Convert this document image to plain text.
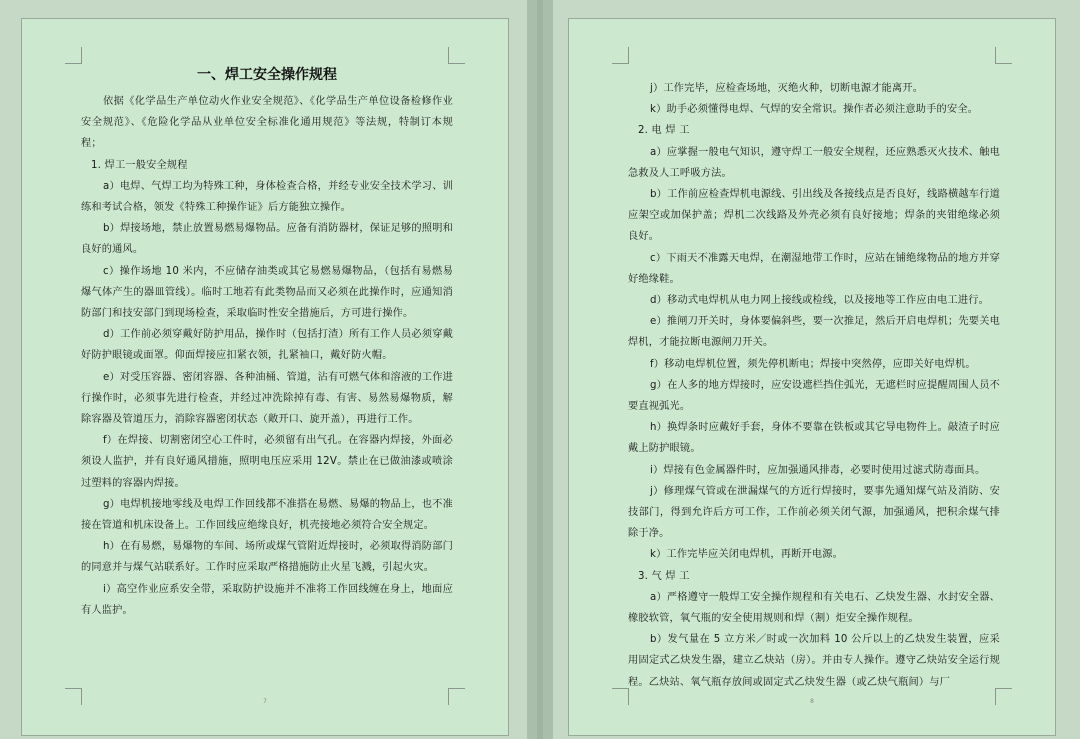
一、焊工安全操作规程

依据《化学品生产单位动火作业安全规范》、《化学品生产单位设备检修作业安全规范》、《危险化学品从业单位安全标准化通用规范》等法规，特制订本规程；

1. 焊工一般安全规程

a）电焊、气焊工均为特殊工种，身体检查合格，并经专业安全技术学习、训练和考试合格，领发《特殊工种操作证》后方能独立操作。

b）焊接场地，禁止放置易燃易爆物品。应备有消防器材，保证足够的照明和良好的通风。

c）操作场地 10 米内，不应储存油类或其它易燃易爆物品，（包括有易燃易爆气体产生的器皿管线）。临时工地若有此类物品而又必须在此操作时，应通知消防部门和技安部门到现场检查，采取临时性安全措施后，方可进行操作。

d）工作前必须穿戴好防护用品，操作时（包括打渣）所有工作人员必须穿戴好防护眼镜或面罩。仰面焊接应扣紧衣领，扎紧袖口，戴好防火帽。

e）对受压容器、密闭容器、各种油桶、管道，沾有可燃气体和溶液的工作进行操作时，必须事先进行检查，并经过冲洗除掉有毒、有害、易然易爆物质，解除容器及管道压力，消除容器密闭状态（敞开口、旋开盖），再进行工作。

f）在焊接、切割密闭空心工件时，必须留有出气孔。在容器内焊接，外面必须设人监护，并有良好通风措施，照明电压应采用 12V。禁止在已做油漆或喷涂过塑料的容器内焊接。

g）电焊机接地零线及电焊工作回线都不准搭在易燃、易爆的物品上，也不准接在管道和机床设备上。工作回线应绝缘良好，机壳接地必须符合安全规定。

h）在有易燃，易爆物的车间、场所或煤气管附近焊接时，必须取得消防部门的同意并与煤气站联系好。工作时应采取严格措施防止火星飞溅，引起火灾。

i）高空作业应系安全带，采取防护设施并不准将工作回线缠在身上，地面应有人监护。

7

j）工作完毕，应检查场地，灭绝火种，切断电源才能离开。

k）助手必须懂得电焊、气焊的安全常识。操作者必须注意助手的安全。

2. 电 焊 工

a）应掌握一般电气知识，遵守焊工一般安全规程，还应熟悉灭火技术、触电急救及人工呼吸方法。

b）工作前应检查焊机电源线、引出线及各接线点是否良好，线路横越车行道应架空或加保护盖；焊机二次线路及外壳必须有良好接地；焊条的夹钳绝缘必须良好。

c）下雨天不准露天电焊，在潮湿地带工作时，应站在铺绝缘物品的地方并穿好绝缘鞋。

d）移动式电焊机从电力网上接线或检线，以及接地等工作应由电工进行。

e）推闸刀开关时，身体要偏斜些，要一次推足，然后开启电焊机；先要关电焊机，才能拉断电源闸刀开关。

f）移动电焊机位置，须先停机断电；焊接中突然停，应即关好电焊机。

g）在人多的地方焊接时，应安设遮栏挡住弧光，无遮栏时应提醒周围人员不要直视弧光。

h）换焊条时应戴好手套，身体不要靠在铁板或其它导电物件上。敲渣子时应戴上防护眼镜。

i）焊接有色金属器件时，应加强通风排毒，必要时使用过滤式防毒面具。

j）修理煤气管或在泄漏煤气的方近行焊接时，要事先通知煤气站及消防、安技部门，得到允许后方可工作，工作前必须关闭气源，加强通风，把积余煤气排除于净。

k）工作完毕应关闭电焊机，再断开电源。

3. 气 焊 工

a）严格遵守一般焊工安全操作规程和有关电石、乙炔发生器、水封安全器、橡胶软管，氧气瓶的安全使用规则和焊（割）炬安全操作规程。

b）发气量在 5 立方米／时或一次加料 10 公斤以上的乙炔发生装置，应采用固定式乙炔发生器，建立乙炔站（房）。并由专人操作。遵守乙炔站安全运行规程。乙炔站、氧气瓶存放间或固定式乙炔发生器（或乙炔气瓶间）与厂

8
